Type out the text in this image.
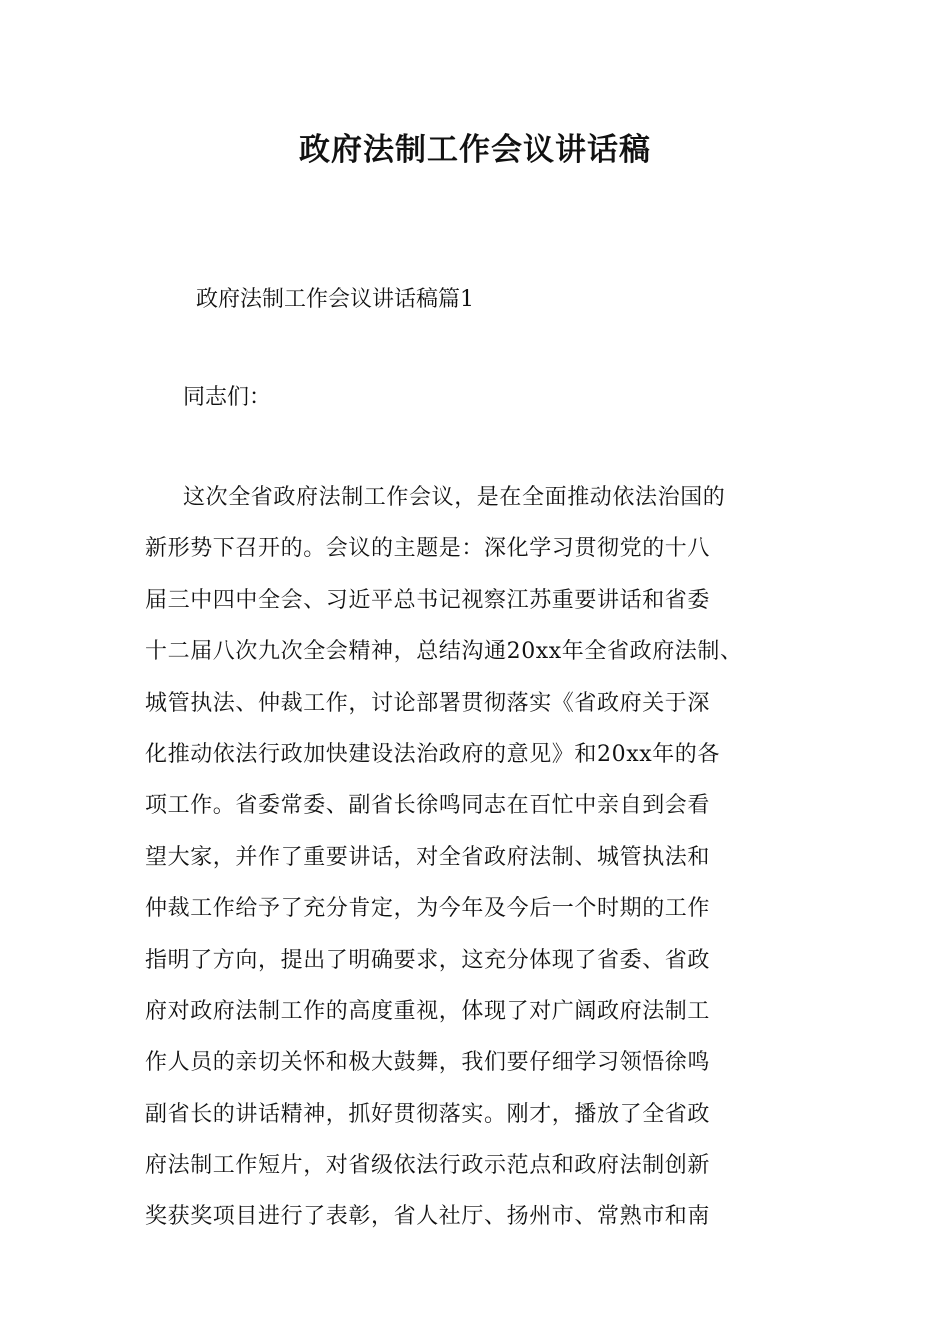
政府法制工作会议讲话稿
政府法制工作会议讲话稿篇1
同志们：
这次全省政府法制工作会议，是在全面推动依法治国的
新形势下召开的。会议的主题是：深化学习贯彻党的十八
届三中四中全会、习近平总书记视察江苏重要讲话和省委
十二届八次九次全会精神，总结沟通20xx年全省政府法制、
城管执法、仲裁工作，讨论部署贯彻落实《省政府关于深
化推动依法行政加快建设法治政府的意见》和20xx年的各
项工作。省委常委、副省长徐鸣同志在百忙中亲自到会看
望大家，并作了重要讲话，对全省政府法制、城管执法和
仲裁工作给予了充分肯定，为今年及今后一个时期的工作
指明了方向，提出了明确要求，这充分体现了省委、省政
府对政府法制工作的高度重视，体现了对广阔政府法制工
作人员的亲切关怀和极大鼓舞，我们要仔细学习领悟徐鸣
副省长的讲话精神，抓好贯彻落实。刚才，播放了全省政
府法制工作短片，对省级依法行政示范点和政府法制创新
奖获奖项目进行了表彰，省人社厅、扬州市、常熟市和南
